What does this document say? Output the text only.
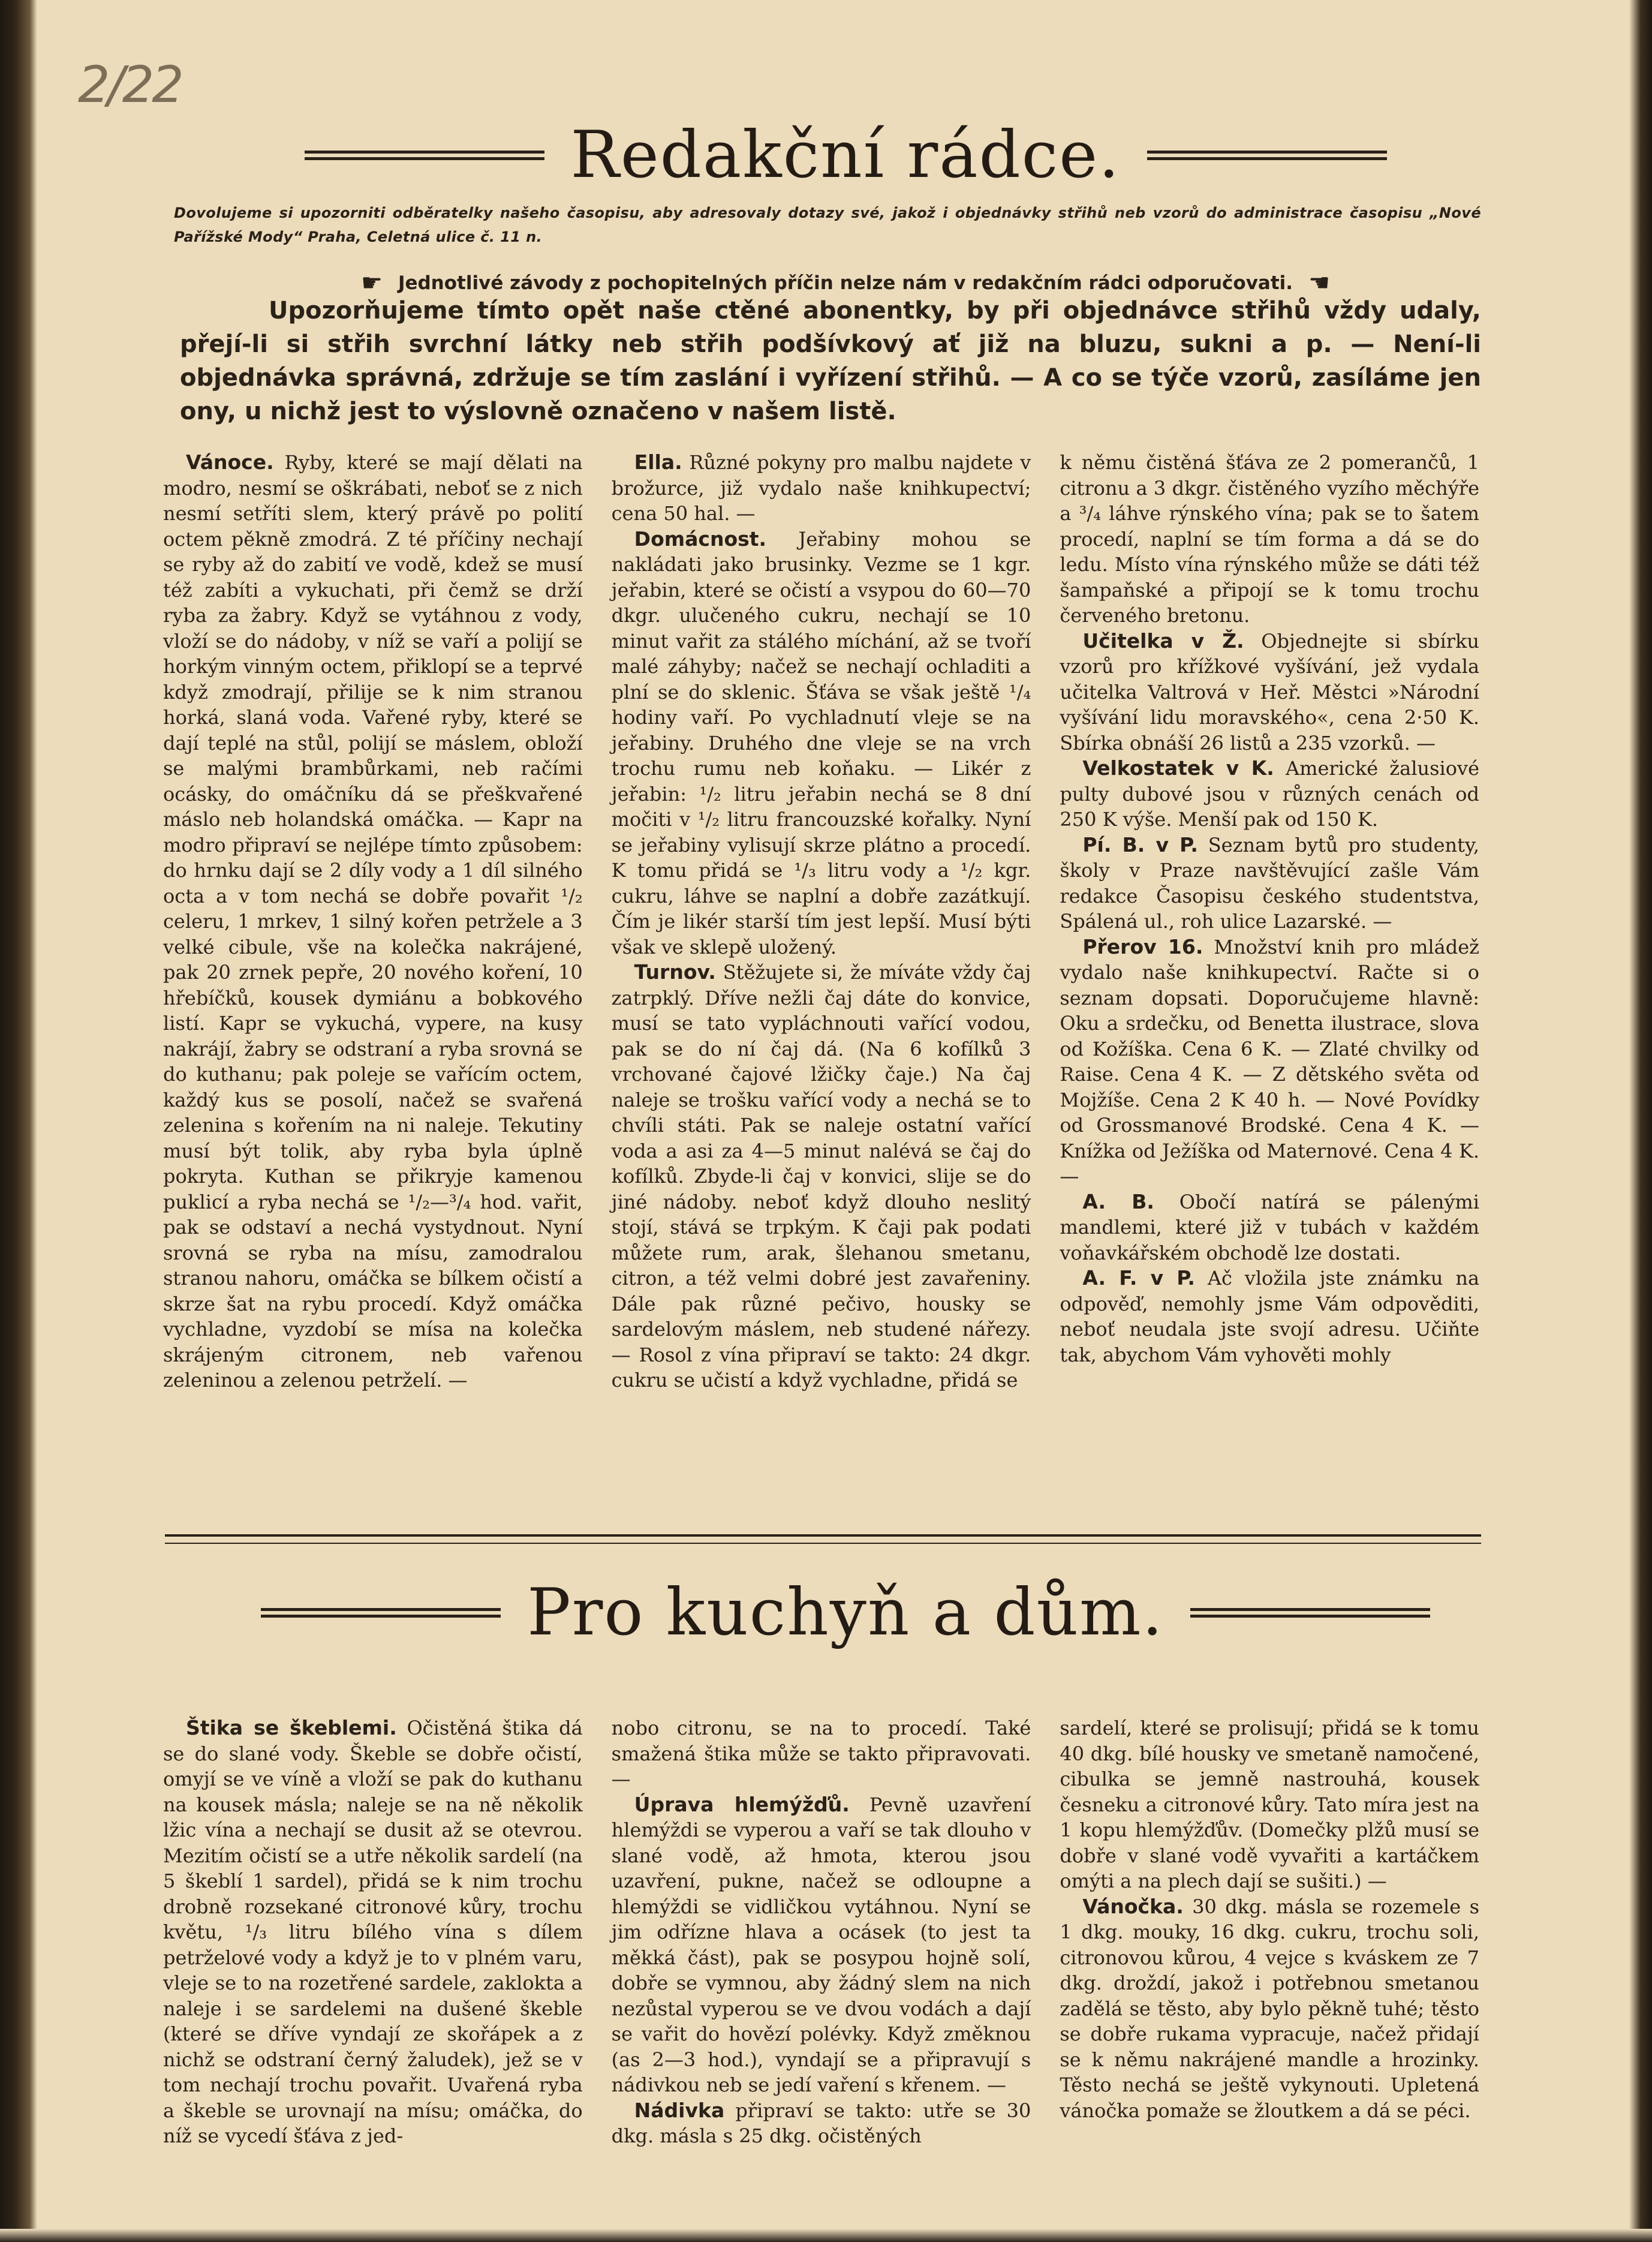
2/22
Redakční rádce.
Dovolujeme si upozorniti odběratelky našeho časopisu, aby adresovaly dotazy své, jakož i objednávky střihů neb vzorů do administrace časopisu „Nové Pařížské Mody“ Praha, Celetná ulice č. 11 n.
☛ Jednotlivé závody z pochopitelných příčin nelze nám v redakčním rádci odporučovati. ☚
Upozorňujeme tímto opět naše ctěné abonentky, by při objednávce střihů vždy udaly, přejí-li si střih svrchní látky neb střih podšívkový ať již na bluzu, sukni a p. — Není-li objednávka správná, zdržuje se tím zaslání i vyřízení střihů. — A co se týče vzorů, zasíláme jen ony, u nichž jest to výslovně označeno v našem listě.

Vánoce. Ryby, které se mají dělati na modro, nesmí se oškrábati, neboť se z nich nesmí setříti slem, který právě po polití octem pěkně zmodrá. Z té příčiny nechají se ryby až do zabití ve vodě, kdež se musí též zabíti a vykuchati, při čemž se drží ryba za žabry. Když se vytáhnou z vody, vloží se do nádoby, v níž se vaří a polijí se horkým vinným octem, přiklopí se a teprvé když zmodrají, přilije se k nim stranou horká, slaná voda. Vařené ryby, které se dají teplé na stůl, polijí se máslem, obloží se malými brambůrkami, neb račími ocásky, do omáčníku dá se přeškvařené máslo neb holandská omáčka. — Kapr na modro připraví se nejlépe tímto způsobem: do hrnku dají se 2 díly vody a 1 díl silného octa a v tom nechá se dobře povařit ¹/₂ celeru, 1 mrkev, 1 silný kořen petržele a 3 velké cibule, vše na kolečka nakrájené, pak 20 zrnek pepře, 20 nového koření, 10 hřebíčků, kousek dymiánu a bobkového listí. Kapr se vykuchá, vypere, na kusy nakrájí, žabry se odstraní a ryba srovná se do kuthanu; pak poleje se vařícím octem, každý kus se posolí, načež se svařená zelenina s kořením na ni naleje. Tekutiny musí být tolik, aby ryba byla úplně pokryta. Kuthan se přikryje kamenou puklicí a ryba nechá se ¹/₂—³/₄ hod. vařit, pak se odstaví a nechá vystydnout. Nyní srovná se ryba na mísu, zamodralou stranou nahoru, omáčka se bílkem očistí a skrze šat na rybu procedí. Když omáčka vychladne, vyzdobí se mísa na kolečka skrájeným citronem, neb vařenou zeleninou a zelenou petrželí. —

Ella. Různé pokyny pro malbu najdete v brožurce, již vydalo naše knihkupectví; cena 50 hal. —

Domácnost. Jeřabiny mohou se nakládati jako brusinky. Vezme se 1 kgr. jeřabin, které se očistí a vsypou do 60—70 dkgr. ulučeného cukru, nechají se 10 minut vařit za stálého míchání, až se tvoří malé záhyby; načež se nechají ochladiti a plní se do sklenic. Šťáva se však ještě ¹/₄ hodiny vaří. Po vychladnutí vleje se na jeřabiny. Druhého dne vleje se na vrch trochu rumu neb koňaku. — Likér z jeřabin: ¹/₂ litru jeřabin nechá se 8 dní močiti v ¹/₂ litru francouzské kořalky. Nyní se jeřabiny vylisují skrze plátno a procedí. K tomu přidá se ¹/₃ litru vody a ¹/₂ kgr. cukru, láhve se naplní a dobře zazátkují. Čím je likér starší tím jest lepší. Musí býti však ve sklepě uložený.

Turnov. Stěžujete si, že míváte vždy čaj zatrpklý. Dříve nežli čaj dáte do konvice, musí se tato vypláchnouti vařící vodou, pak se do ní čaj dá. (Na 6 kofílků 3 vrchované čajové lžičky čaje.) Na čaj naleje se trošku vařící vody a nechá se to chvíli státi. Pak se naleje ostatní vařící voda a asi za 4—5 minut nalévá se čaj do kofílků. Zbyde-li čaj v konvici, slije se do jiné nádoby. neboť když dlouho neslitý stojí, stává se trpkým. K čaji pak podati můžete rum, arak, šlehanou smetanu, citron, a též velmi dobré jest zavařeniny. Dále pak různé pečivo, housky se sardelovým máslem, neb studené nářezy. — Rosol z vína připraví se takto: 24 dkgr. cukru se učistí a když vychladne, přidá se

k němu čistěná šťáva ze 2 pomerančů, 1 citronu a 3 dkgr. čistěného vyzího měchýře a ³/₄ láhve rýnského vína; pak se to šatem procedí, naplní se tím forma a dá se do ledu. Místo vína rýnského může se dáti též šampaňské a připojí se k tomu trochu červeného bretonu.

Učitelka v Ž. Objednejte si sbírku vzorů pro křížkové vyšívání, jež vydala učitelka Valtrová v Heř. Městci »Národní vyšívání lidu moravského«, cena 2·50 K. Sbírka obnáší 26 listů a 235 vzorků. —

Velkostatek v K. Americké žalusiové pulty dubové jsou v různých cenách od 250 K výše. Menší pak od 150 K.

Pí. B. v P. Seznam bytů pro studenty, školy v Praze navštěvující zašle Vám redakce Časopisu českého studentstva, Spálená ul., roh ulice Lazarské. —

Přerov 16. Množství knih pro mládež vydalo naše knihkupectví. Račte si o seznam dopsati. Doporučujeme hlavně: Oku a srdečku, od Benetta ilustrace, slova od Kožíška. Cena 6 K. — Zlaté chvilky od Raise. Cena 4 K. — Z dětského světa od Mojžíše. Cena 2 K 40 h. — Nové Povídky od Grossmanové Brodské. Cena 4 K. — Knížka od Ježíška od Maternové. Cena 4 K. —

A. B. Obočí natírá se pálenými mandlemi, které již v tubách v každém voňavkářském obchodě lze dostati.

A. F. v P. Ač vložila jste známku na odpověď, nemohly jsme Vám odpověditi, neboť neudala jste svojí adresu. Učiňte tak, abychom Vám vyhověti mohly

Pro kuchyň a dům.

Štika se škeblemi. Očistěná štika dá se do slané vody. Škeble se dobře očistí, omyjí se ve víně a vloží se pak do kuthanu na kousek másla; naleje se na ně několik lžic vína a nechají se dusit až se otevrou. Mezitím očistí se a utře několik sardelí (na 5 škeblí 1 sardel), přidá se k nim trochu drobně rozsekané citronové kůry, trochu květu, ¹/₃ litru bílého vína s dílem petrželové vody a když je to v plném varu, vleje se to na rozetřené sardele, zaklokta a naleje i se sardelemi na dušené škeble (které se dříve vyndají ze skořápek a z nichž se odstraní černý žaludek), jež se v tom nechají trochu povařit. Uvařená ryba a škeble se urovnají na mísu; omáčka, do níž se vycedí šťáva z jed-

nobo citronu, se na to procedí. Také smažená štika může se takto připravovati. —

Úprava hlemýžďů. Pevně uzavření hlemýždi se vyperou a vaří se tak dlouho v slané vodě, až hmota, kterou jsou uzavření, pukne, načež se odloupne a hlemýždi se vidličkou vytáhnou. Nyní se jim odřízne hlava a ocásek (to jest ta měkká část), pak se posypou hojně solí, dobře se vymnou, aby žádný slem na nich nezůstal vyperou se ve dvou vodách a dají se vařit do hovězí polévky. Když změknou (as 2—3 hod.), vyndají se a připravují s nádivkou neb se jedí vaření s křenem. —

Nádivka připraví se takto: utře se 30 dkg. másla s 25 dkg. očistěných

sardelí, které se prolisují; přidá se k tomu 40 dkg. bílé housky ve smetaně namočené, cibulka se jemně nastrouhá, kousek česneku a citronové kůry. Tato míra jest na 1 kopu hlemýžďův. (Domečky plžů musí se dobře v slané vodě vyvařiti a kartáčkem omýti a na plech dají se sušiti.) —

Vánočka. 30 dkg. másla se rozemele s 1 dkg. mouky, 16 dkg. cukru, trochu soli, citronovou kůrou, 4 vejce s kváskem ze 7 dkg. droždí, jakož i potřebnou smetanou zadělá se těsto, aby bylo pěkně tuhé; těsto se dobře rukama vypracuje, načež přidají se k němu nakrájené mandle a hrozinky. Těsto nechá se ještě vykynouti. Upletená vánočka pomaže se žloutkem a dá se péci.
